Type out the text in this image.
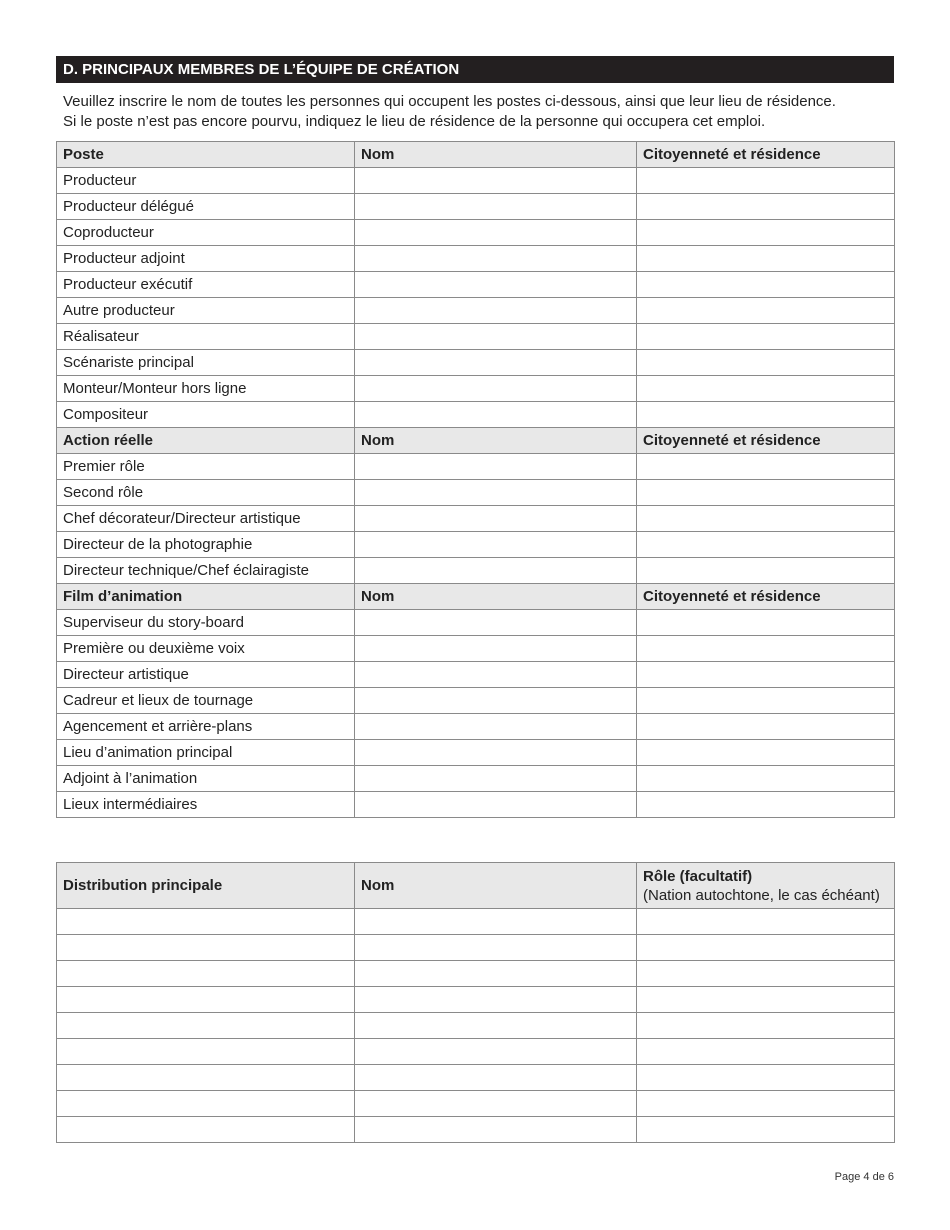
D. PRINCIPAUX MEMBRES DE L’ÉQUIPE DE CRÉATION

Veuillez inscrire le nom de toutes les personnes qui occupent les postes ci-dessous, ainsi que leur lieu de résidence.

Si le poste n’est pas encore pourvu, indiquez le lieu de résidence de la personne qui occupera cet emploi.

Poste	Nom	Citoyenneté et résidence
Producteur		
Producteur délégué		
Coproducteur		
Producteur adjoint		
Producteur exécutif		
Autre producteur		
Réalisateur		
Scénariste principal		
Monteur/Monteur hors ligne		
Compositeur		
Action réelle	Nom	Citoyenneté et résidence
Premier rôle		
Second rôle		
Chef décorateur/Directeur artistique		
Directeur de la photographie		
Directeur technique/Chef éclairagiste		
Film d’animation	Nom	Citoyenneté et résidence
Superviseur du story-board		
Première ou deuxième voix		
Directeur artistique		
Cadreur et lieux de tournage		
Agencement et arrière-plans		
Lieu d’animation principal		
Adjoint à l’animation		
Lieux intermédiaires		
Distribution principale	Nom	Rôle (facultatif)
(Nation autochtone, le cas échéant)

Page 4 de 6
